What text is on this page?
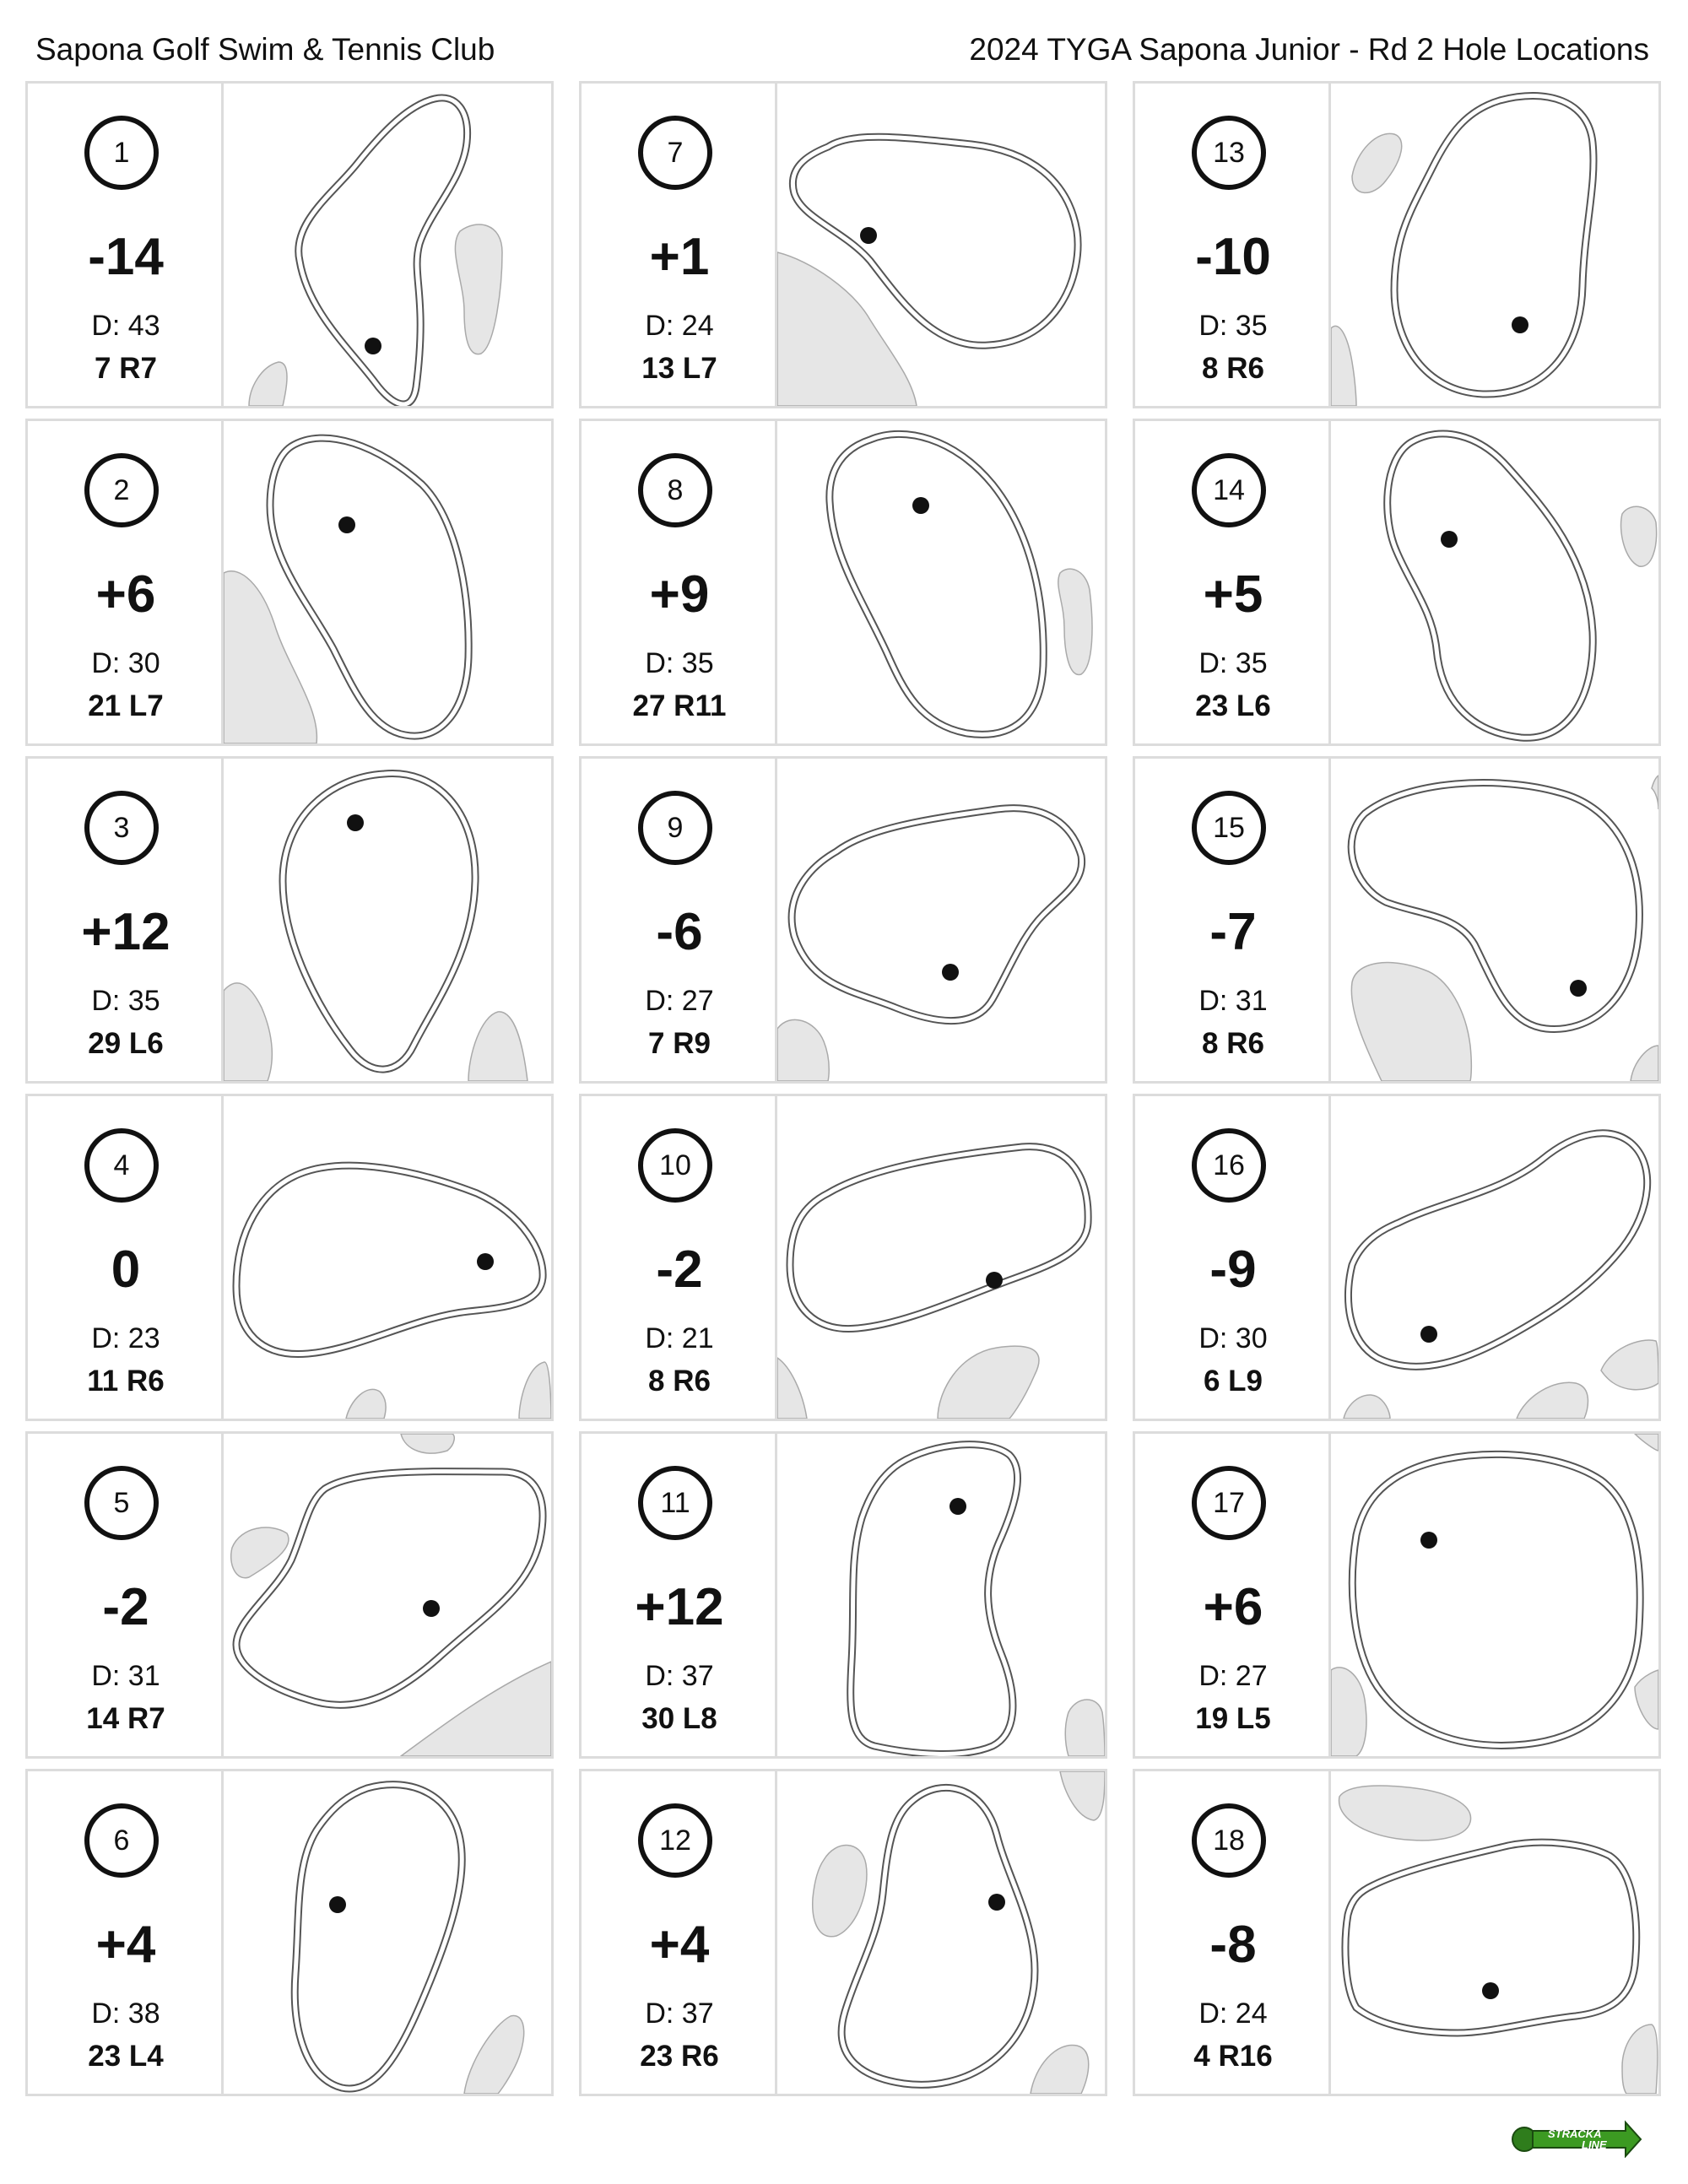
Sapona Golf Swim & Tennis Club	2024 TYGA Sapona Junior - Rd 2 Hole Locations
1
-14
D: 43
7 R7
2
+6
D: 30
21 L7
3
+12
D: 35
29 L6
4
0
D: 23
11 R6
5
-2
D: 31
14 R7
6
+4
D: 38
23 L4
7
+1
D: 24
13 L7
8
+9
D: 35
27 R11
9
-6
D: 27
7 R9
10
-2
D: 21
8 R6
11
+12
D: 37
30 L8
12
+4
D: 37
23 R6
13
-10
D: 35
8 R6
14
+5
D: 35
23 L6
15
-7
D: 31
8 R6
16
-9
D: 30
6 L9
17
+6
D: 27
19 L5
18
-8
D: 24
4 R16
STRACKA
LINE
